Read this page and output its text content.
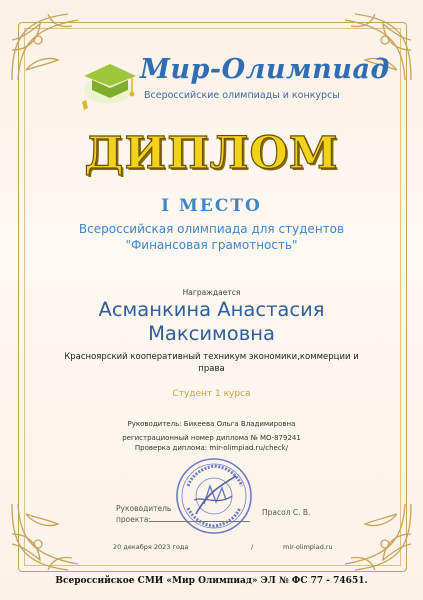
Мир-Олимпиад
Всероссийские олимпиады и конкурсы
ДИПЛОМ
I МЕСТО
Всероссийская олимпиада для студентов
"Финансовая грамотность"
Награждается
Асманкина Анастасия
Максимовна
Красноярский кооперативный техникум экономики,коммерции и права
Студент 1 курса
Руководитель: Бикеева Ольга Владимировна
регистрационный номер диплома № МО-879241
Проверка диплома: mir-olimpiad.ru/check/
Руководитель
проекта:
Прасол С. В.
20 декабря 2023 года	/	mir-olimpiad.ru
Всероссийское СМИ «Мир Олимпиад» ЭЛ № ФС 77 - 74651.
